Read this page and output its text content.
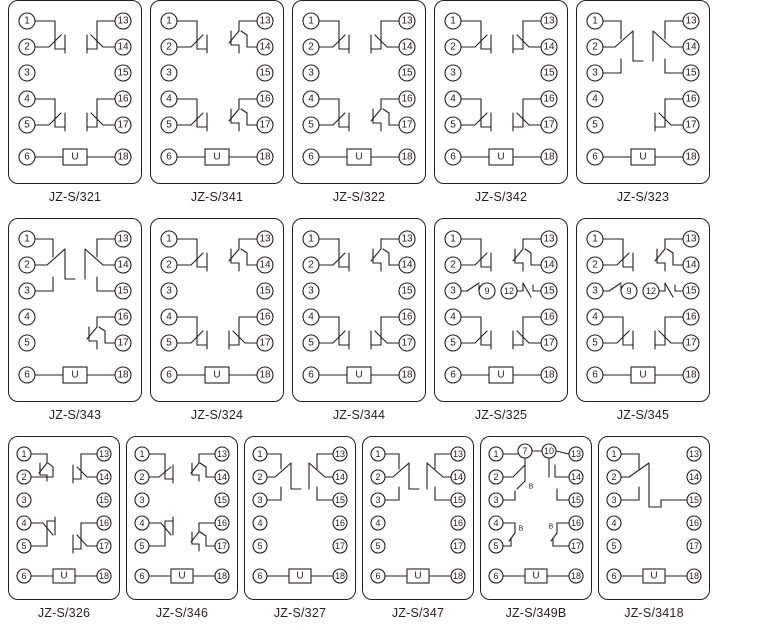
1
2
3
4
5
6
13
14
15
16
17
18
U
JZ-S/321
1
2
3
4
5
6
13
14
15
16
17
18
U
JZ-S/341
1
2
3
4
5
6
13
14
15
16
17
18
U
JZ-S/322
1
2
3
4
5
6
13
14
15
16
17
18
U
JZ-S/342
1
2
3
4
5
6
13
14
15
16
17
18
U
JZ-S/323
1
2
3
4
5
6
13
14
15
16
17
18
U
JZ-S/343
1
2
3
4
5
6
13
14
15
16
17
18
U
JZ-S/324
1
2
3
4
5
6
13
14
15
16
17
18
U
JZ-S/344
1
2
3
4
5
6
13
14
15
16
17
18
9 12
U
JZ-S/325
1
2
3
4
5
6
13
14
15
16
17
18
9 12
U
JZ-S/345
1
2
3
4
5
6
13
14
15
16
17
18
U
JZ-S/326
1
2
3
4
5
6
13
14
15
16
17
18
U
JZ-S/346
1
2
3
4
5
6
13
14
15
16
17
18
U
JZ-S/327
1
2
3
4
5
6
13
14
15
16
17
18
U
JZ-S/347
1
2
3
4
5
6
13
14
15
16
17
18
7 10
B
B	B
U
JZ-S/349B
1
2
3
4
5
6
13
14
15
16
17
18
U
JZ-S/3418
